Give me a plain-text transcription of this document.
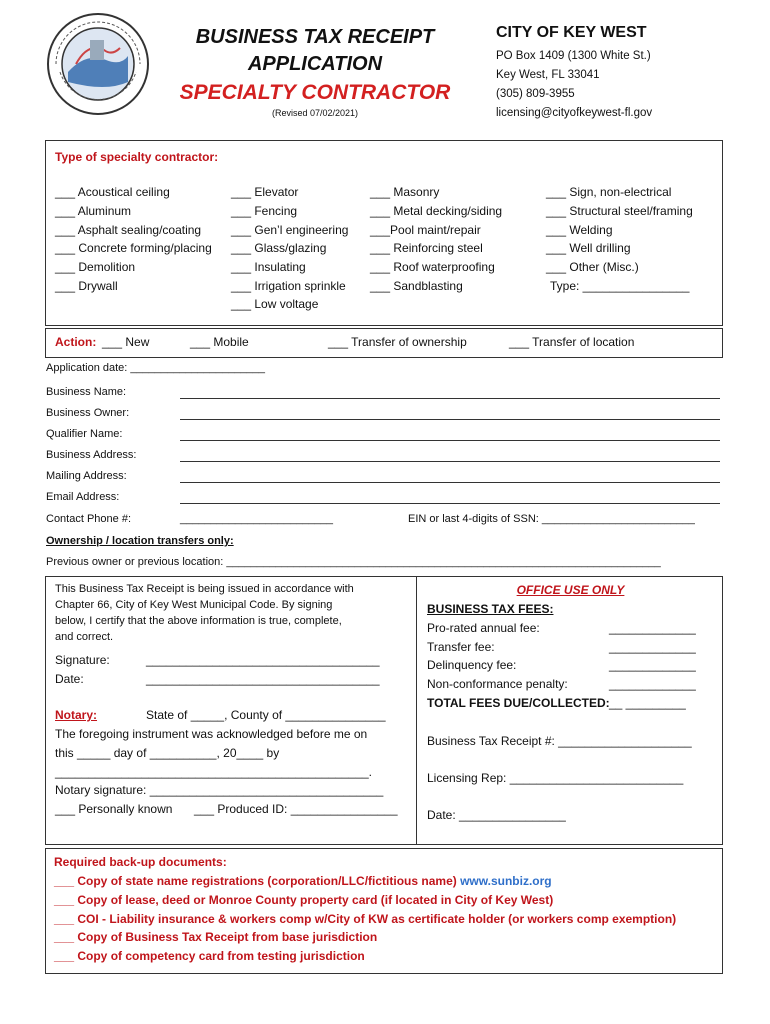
BUSINESS TAX RECEIPT
APPLICATION
SPECIALTY CONTRACTOR
(Revised 07/02/2021)
CITY OF KEY WEST
PO Box 1409 (1300 White St.)
Key West, FL 33041
(305) 809-3955
licensing@cityofkeywest-fl.gov
Type of specialty contractor:
___ Acoustical ceiling
___ Aluminum
___ Asphalt sealing/coating
___ Concrete forming/placing
___ Demolition
___ Drywall
___ Elevator
___ Fencing
___ Gen’l engineering
___ Glass/glazing
___ Insulating
___ Irrigation sprinkle
___ Low voltage
___ Masonry
___ Metal decking/siding
___Pool maint/repair
___ Reinforcing steel
___ Roof waterproofing
___ Sandblasting
___ Sign, non-electrical
___ Structural steel/framing
___ Welding
___ Well drilling
___ Other (Misc.)
Type: ________________
Action: ___ New	___ Mobile	___ Transfer of ownership	___ Transfer of location
Application date: ______________________
Business Name:
Business Owner:
Qualifier Name:
Business Address:
Mailing Address:
Email Address:
Contact Phone #:	_________________________	EIN or last 4-digits of SSN: _________________________
Ownership / location transfers only:
Previous owner or previous location: _______________________________________________________________________
This Business Tax Receipt is being issued in accordance with
Chapter 66, City of Key West Municipal Code. By signing
below, I certify that the above information is true, complete,
and correct.
Signature:	___________________________________
Date:	___________________________________
Notary:	State of _____, County of _______________
The foregoing instrument was acknowledged before me on
this _____ day of __________, 20____ by
_______________________________________________.
Notary signature: ___________________________________
___ Personally known ___ Produced ID: ________________
OFFICE USE ONLY
BUSINESS TAX FEES:
Pro-rated annual fee:	_____________
Transfer fee:	_____________
Delinquency fee:	_____________
Non-conformance penalty:	_____________
TOTAL FEES DUE/COLLECTED: __ _________
Business Tax Receipt #: ____________________
Licensing Rep: __________________________
Date: ________________
Required back-up documents:
___ Copy of state name registrations (corporation/LLC/fictitious name) www.sunbiz.org
___ Copy of lease, deed or Monroe County property card (if located in City of Key West)
___ COI - Liability insurance & workers comp w/City of KW as certificate holder (or workers comp exemption)
___ Copy of Business Tax Receipt from base jurisdiction
___ Copy of competency card from testing jurisdiction
